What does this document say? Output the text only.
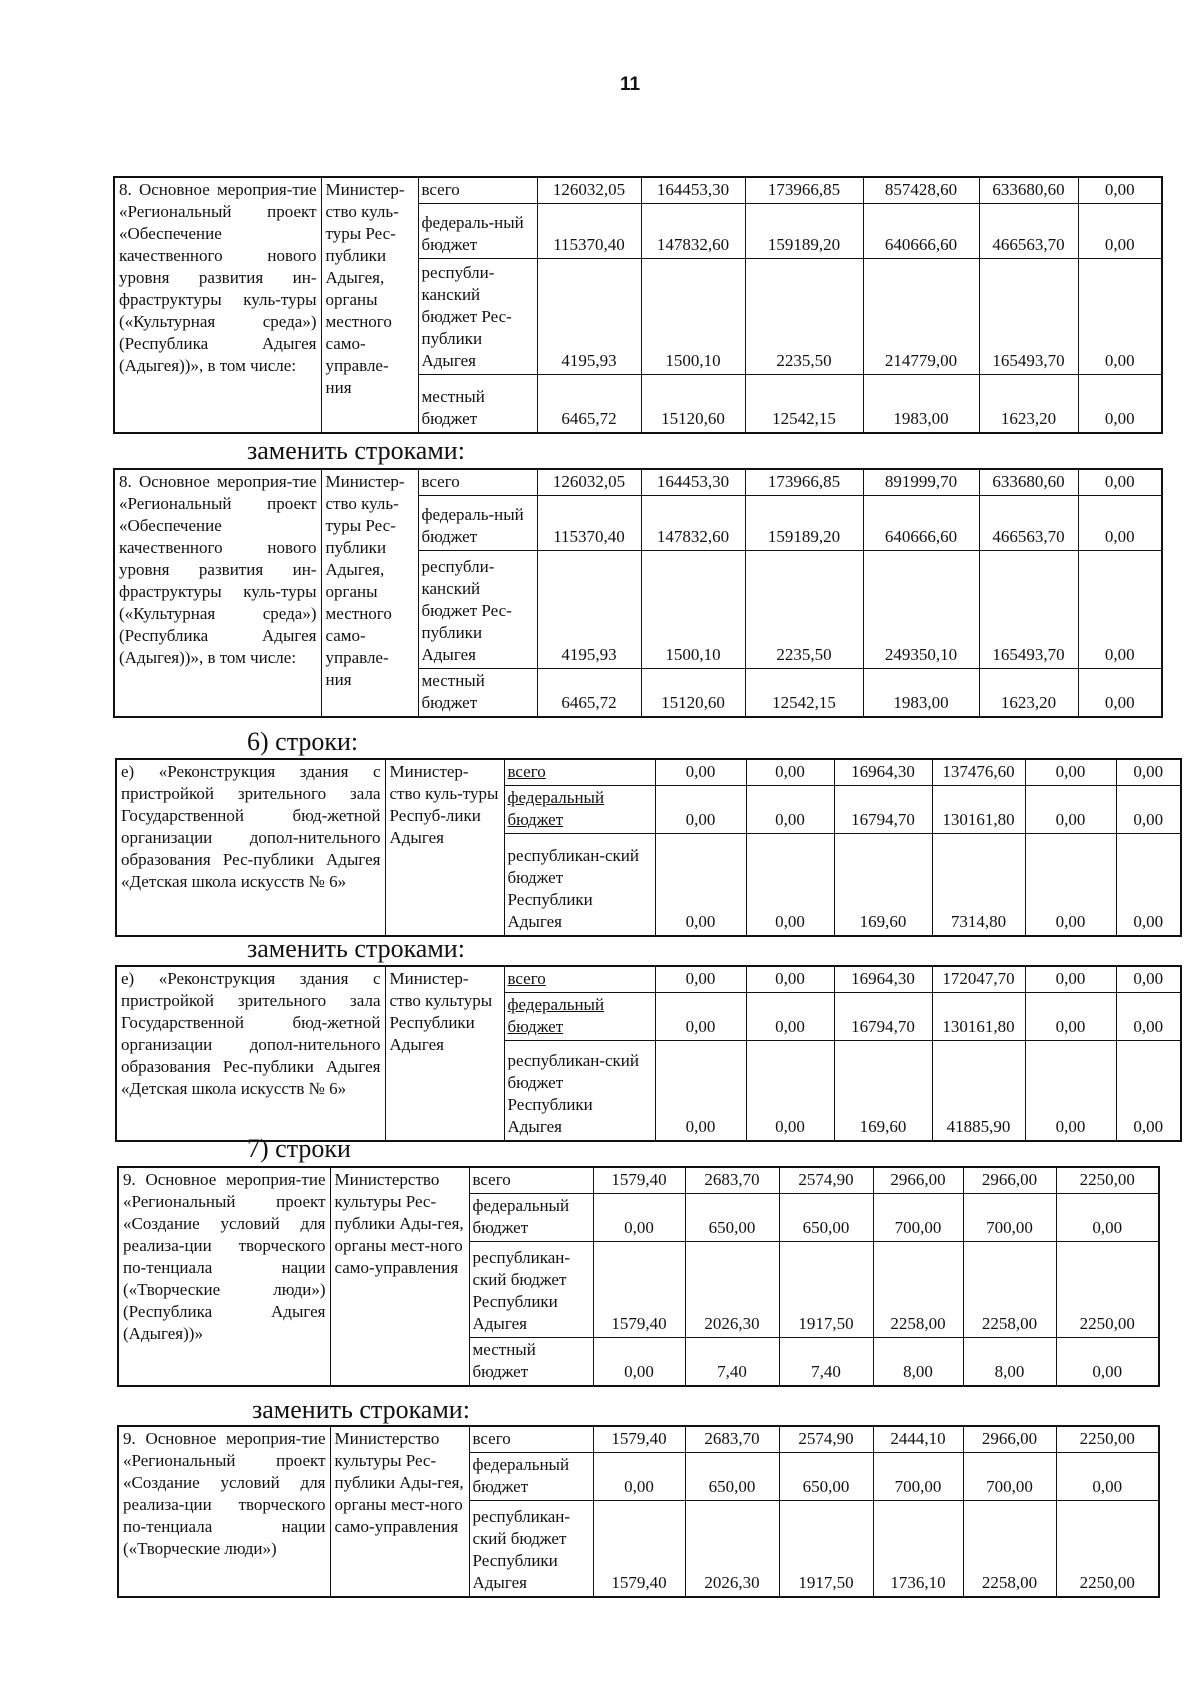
11
8. Основное мероприя-тие «Региональный проект «Обеспечение качественного нового уровня развития ин-фраструктуры куль-туры («Культурная среда») (Республика Адыгея (Адыгея))», в том числе:	Министер-ство куль-туры Рес-публики Адыгея, органы местного само-управле-ния	всего	126032,05	164453,30	173966,85	857428,60	633680,60	0,00
		федераль-ный бюджет	115370,40	147832,60	159189,20	640666,60	466563,70	0,00
		республи-канский бюджет Рес-публики Адыгея	4195,93	1500,10	2235,50	214779,00	165493,70	0,00
		местный бюджет	6465,72	15120,60	12542,15	1983,00	1623,20	0,00
заменить строками:
8. Основное мероприя-тие «Региональный проект «Обеспечение качественного нового уровня развития ин-фраструктуры куль-туры («Культурная среда») (Республика Адыгея (Адыгея))», в том числе:	Министер-ство куль-туры Рес-публики Адыгея, органы местного само-управле-ния	всего	126032,05	164453,30	173966,85	891999,70	633680,60	0,00
		федераль-ный бюджет	115370,40	147832,60	159189,20	640666,60	466563,70	0,00
		республи-канский бюджет Рес-публики Адыгея	4195,93	1500,10	2235,50	249350,10	165493,70	0,00
		местный бюджет	6465,72	15120,60	12542,15	1983,00	1623,20	0,00
6) строки:
е) «Реконструкция здания с пристройкой зрительного зала Государственной бюд-жетной организации допол-нительного образования Рес-публики Адыгея «Детская школа искусств № 6»	Министер-ство куль-туры Респуб-лики Адыгея	всего	0,00	0,00	16964,30	137476,60	0,00	0,00
		федеральный бюджет	0,00	0,00	16794,70	130161,80	0,00	0,00
		республикан-ский бюджет Республики Адыгея	0,00	0,00	169,60	7314,80	0,00	0,00
заменить строками:
е) «Реконструкция здания с пристройкой зрительного зала Государственной бюд-жетной организации допол-нительного образования Рес-публики Адыгея «Детская школа искусств № 6»	Министер-ство культуры Республики Адыгея	всего	0,00	0,00	16964,30	172047,70	0,00	0,00
		федеральный бюджет	0,00	0,00	16794,70	130161,80	0,00	0,00
		республикан-ский бюджет Республики Адыгея	0,00	0,00	169,60	41885,90	0,00	0,00
7) строки
9. Основное мероприя-тие «Региональный проект «Создание условий для реализа-ции творческого по-тенциала нации («Творческие люди») (Республика Адыгея (Адыгея))»	Министерство культуры Рес-публики Ады-гея, органы мест-ного само-управления	всего	1579,40	2683,70	2574,90	2966,00	2966,00	2250,00
		федеральный бюджет	0,00	650,00	650,00	700,00	700,00	0,00
		республикан-ский бюджет Республики Адыгея	1579,40	2026,30	1917,50	2258,00	2258,00	2250,00
		местный бюджет	0,00	7,40	7,40	8,00	8,00	0,00
заменить строками:
9. Основное мероприя-тие «Региональный проект «Создание условий для реализа-ции творческого по-тенциала нации («Творческие люди»)	Министерство культуры Рес-публики Ады-гея, органы мест-ного само-управления	всего	1579,40	2683,70	2574,90	2444,10	2966,00	2250,00
		федеральный бюджет	0,00	650,00	650,00	700,00	700,00	0,00
		республикан-ский бюджет Республики Адыгея	1579,40	2026,30	1917,50	1736,10	2258,00	2250,00
